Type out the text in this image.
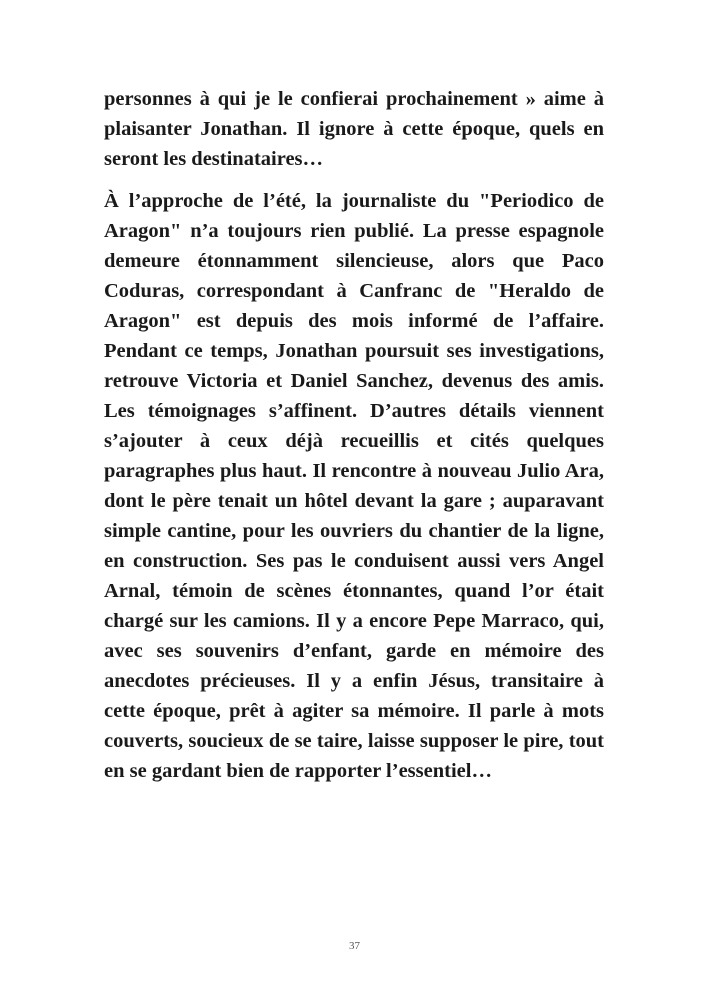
personnes à qui je le confierai prochainement » aime à plaisanter Jonathan. Il ignore à cette époque, quels en seront les destinataires…

À l’approche de l’été, la journaliste du "Periodico de Aragon" n’a toujours rien publié. La presse espagnole demeure étonnamment silencieuse, alors que Paco Coduras, correspondant à Canfranc de "Heraldo de Aragon" est depuis des mois informé de l’affaire. Pendant ce temps, Jonathan poursuit ses investigations, retrouve Victoria et Daniel Sanchez, devenus des amis. Les témoignages s’affinent. D’autres détails viennent s’ajouter à ceux déjà recueillis et cités quelques paragraphes plus haut. Il rencontre à nouveau Julio Ara, dont le père tenait un hôtel devant la gare ; auparavant simple cantine, pour les ouvriers du chantier de la ligne, en construction. Ses pas le conduisent aussi vers Angel Arnal, témoin de scènes étonnantes, quand l’or était chargé sur les camions. Il y a encore Pepe Marraco, qui, avec ses souvenirs d’enfant, garde en mémoire des anecdotes précieuses. Il y a enfin Jésus, transitaire à cette époque, prêt à agiter sa mémoire. Il parle à mots couverts, soucieux de se taire, laisse supposer le pire, tout en se gardant bien de rapporter l’essentiel…

37
